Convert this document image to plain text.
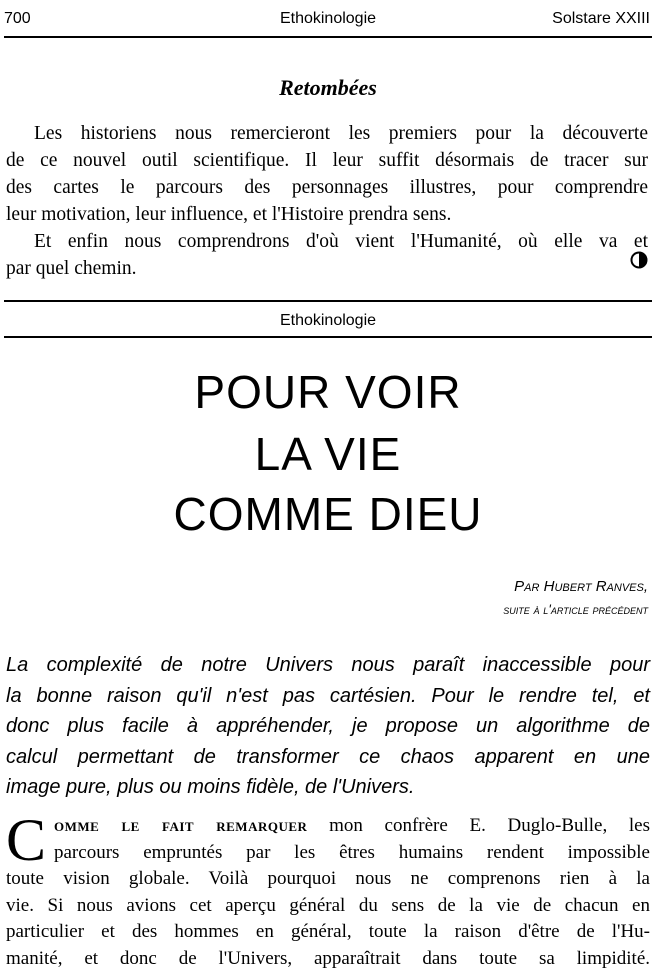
700	Ethokinologie	Solstare XXIII
Retombées
Les historiens nous remercieront les premiers pour la découverte
de ce nouvel outil scientifique. Il leur suffit désormais de tracer sur
des cartes le parcours des personnages illustres, pour comprendre
leur motivation, leur influence, et l'Histoire prendra sens.
Et enfin nous comprendrons d'où vient l'Humanité, où elle va et
par quel chemin.
Ethokinologie
POUR VOIR
LA VIE
COMME DIEU
Par Hubert Ranves,
suite à l'article précédent
La complexité de notre Univers nous paraît inaccessible pour
la bonne raison qu'il n'est pas cartésien. Pour le rendre tel, et
donc plus facile à appréhender, je propose un algorithme de
calcul permettant de transformer ce chaos apparent en une
image pure, plus ou moins fidèle, de l'Univers.
C omme le fait remarquer mon confrère E. Duglo-Bulle, les
parcours empruntés par les êtres humains rendent impossible
toute vision globale. Voilà pourquoi nous ne comprenons rien à la
vie. Si nous avions cet aperçu général du sens de la vie de chacun en
particulier et des hommes en général, toute la raison d'être de l'Hu-
manité, et donc de l'Univers, apparaîtrait dans toute sa limpidité.
